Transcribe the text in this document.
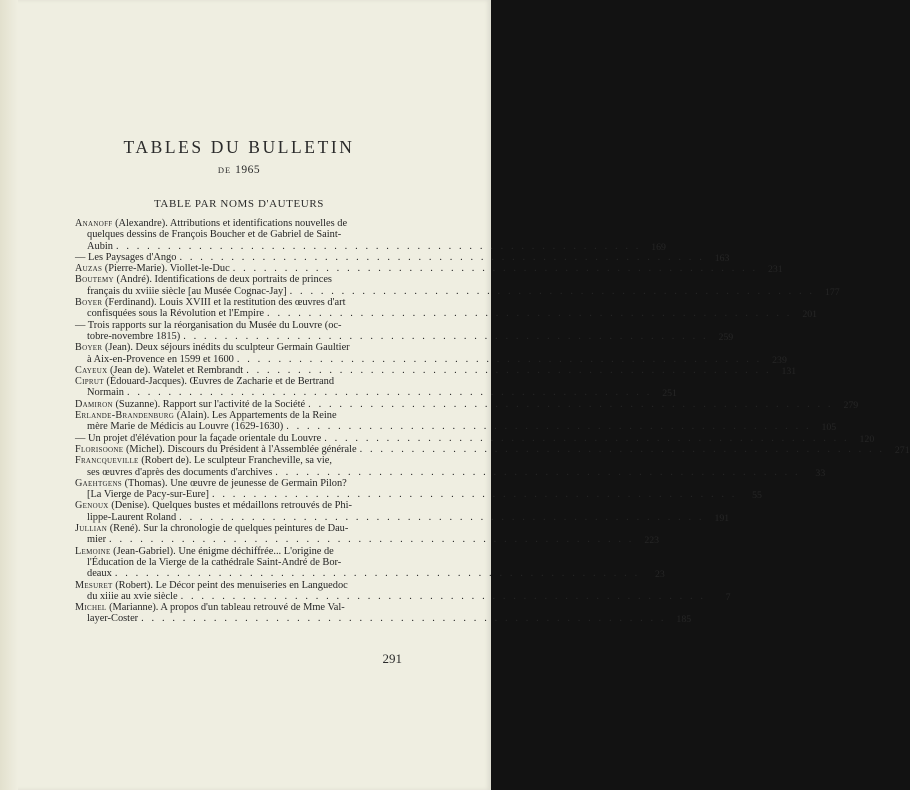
TABLES DU BULLETIN
DE 1965
TABLE PAR NOMS D'AUTEURS
Ananoff (Alexandre). Attributions et identifications nouvelles de
quelques dessins de François Boucher et de Gabriel de Saint-
Aubin . . .	169
— Les Paysages d'Ango . . .	163
Auzas (Pierre-Marie). Viollet-le-Duc . . .	231
Boutemy (André). Identifications de deux portraits de princes
français du xviiie siècle [au Musée Cognac-Jay] . . .	177
Boyer (Ferdinand). Louis XVIII et la restitution des œuvres d'art
confisquées sous la Révolution et l'Empire . . .	201
— Trois rapports sur la réorganisation du Musée du Louvre (oc-
tobre-novembre 1815) . . .	259
Boyer (Jean). Deux séjours inédits du sculpteur Germain Gaultier
à Aix-en-Provence en 1599 et 1600 . . .	239
Cayeux (Jean de). Watelet et Rembrandt . . .	131
Ciprut (Édouard-Jacques). Œuvres de Zacharie et de Bertrand
Normain . . .	251
Damiron (Suzanne). Rapport sur l'activité de la Société . . .	279
Erlande-Brandenburg (Alain). Les Appartements de la Reine
mère Marie de Médicis au Louvre (1629-1630) . . .	105
— Un projet d'élévation pour la façade orientale du Louvre . . .	120
Florisoone (Michel). Discours du Président à l'Assemblée générale . . .	271
Francqueville (Robert de). Le sculpteur Francheville, sa vie,
ses œuvres d'après des documents d'archives . . .	33
Gaehtgens (Thomas). Une œuvre de jeunesse de Germain Pilon?
[La Vierge de Pacy-sur-Eure] . . .	55
Genoux (Denise). Quelques bustes et médaillons retrouvés de Phi-
lippe-Laurent Roland . . .	191
Jullian (René). Sur la chronologie de quelques peintures de Dau-
mier . . .	223
Lemoine (Jean-Gabriel). Une énigme déchiffrée... L'origine de
l'Éducation de la Vierge de la cathédrale Saint-André de Bor-
deaux . . .	23
Mesuret (Robert). Le Décor peint des menuiseries en Languedoc
du xiiie au xvie siècle . . .	7
Michel (Marianne). A propos d'un tableau retrouvé de Mme Val-
layer-Coster . . .	185
291
